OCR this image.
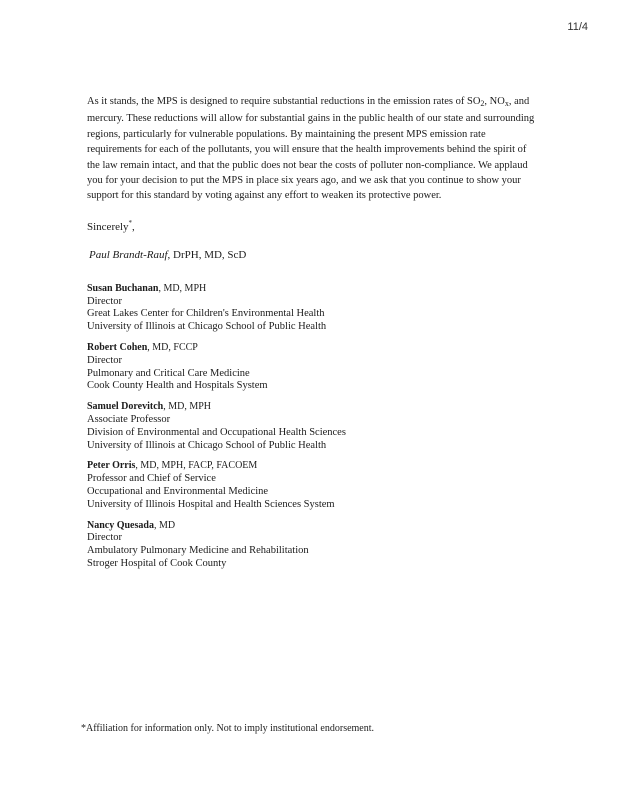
11/4

As it stands, the MPS is designed to require substantial reductions in the emission rates of $SO_2$, $NO_x$, and mercury. These reductions will allow for substantial gains in the public health of our state and surrounding regions, particularly for vulnerable populations. By maintaining the present MPS emission rate requirements for each of the pollutants, you will ensure that the health improvements behind the spirit of the law remain intact, and that the public does not bear the costs of polluter non-compliance. We applaud you for your decision to put the MPS in place six years ago, and we ask that you continue to show your support for this standard by voting against any effort to weaken its protective power.

Sincerely*,
Paul Brandt-Rauf, DrPH, MD, ScD
Susan Buchanan, MD, MPH
Director
Great Lakes Center for Children's Environmental Health
University of Illinois at Chicago School of Public Health
Robert Cohen, MD, FCCP
Director
Pulmonary and Critical Care Medicine
Cook County Health and Hospitals System
Samuel Dorevitch, MD, MPH
Associate Professor
Division of Environmental and Occupational Health Sciences
University of Illinois at Chicago School of Public Health
Peter Orris, MD, MPH, FACP, FACOEM
Professor and Chief of Service
Occupational and Environmental Medicine
University of Illinois Hospital and Health Sciences System
Nancy Quesada, MD
Director
Ambulatory Pulmonary Medicine and Rehabilitation
Stroger Hospital of Cook County
*Affiliation for information only. Not to imply institutional endorsement.
